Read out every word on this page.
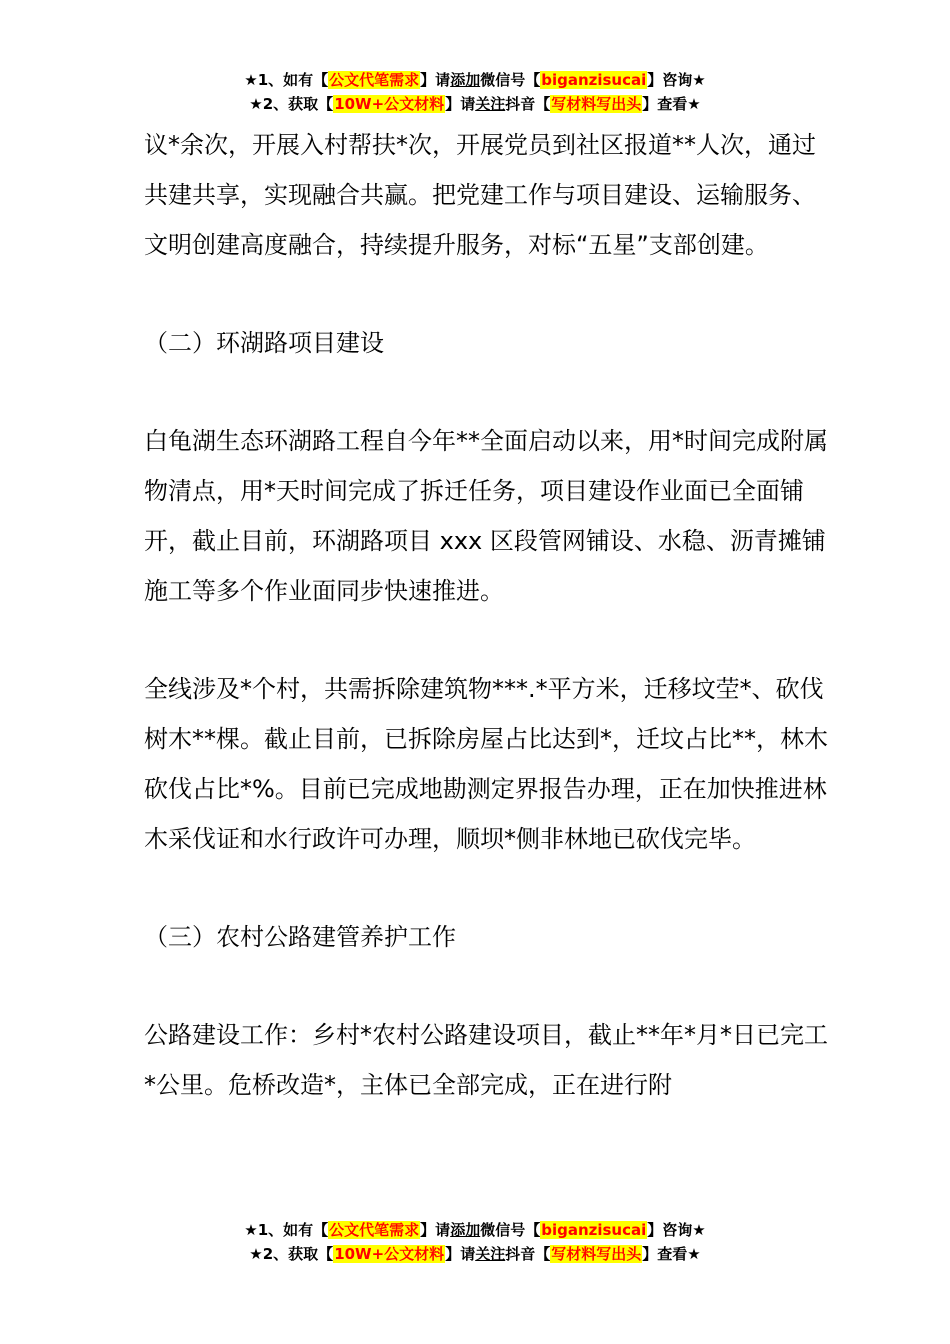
★1、如有【公文代笔需求】请添加微信号【biganzisucai】咨询★
★2、获取【10W+公文材料】请关注抖音【写材料写出头】查看★

议*余次，开展入村帮扶*次，开展党员到社区报道**人次，通过共建共享，实现融合共赢。把党建工作与项目建设、运输服务、文明创建高度融合，持续提升服务，对标“五星”支部创建。

（二）环湖路项目建设

白龟湖生态环湖路工程自今年**全面启动以来，用*时间完成附属物清点，用*天时间完成了拆迁任务，项目建设作业面已全面铺开，截止目前，环湖路项目 xxx 区段管网铺设、水稳、沥青摊铺施工等多个作业面同步快速推进。

全线涉及*个村，共需拆除建筑物***.*平方米，迁移坟茔*、砍伐树木**棵。截止目前，已拆除房屋占比达到*，迁坟占比**，林木砍伐占比*%。目前已完成地勘测定界报告办理，正在加快推进林木采伐证和水行政许可办理，顺坝*侧非林地已砍伐完毕。

（三）农村公路建管养护工作

公路建设工作：乡村*农村公路建设项目，截止**年*月*日已完工*公里。危桥改造*，主体已全部完成，正在进行附

★1、如有【公文代笔需求】请添加微信号【biganzisucai】咨询★
★2、获取【10W+公文材料】请关注抖音【写材料写出头】查看★
